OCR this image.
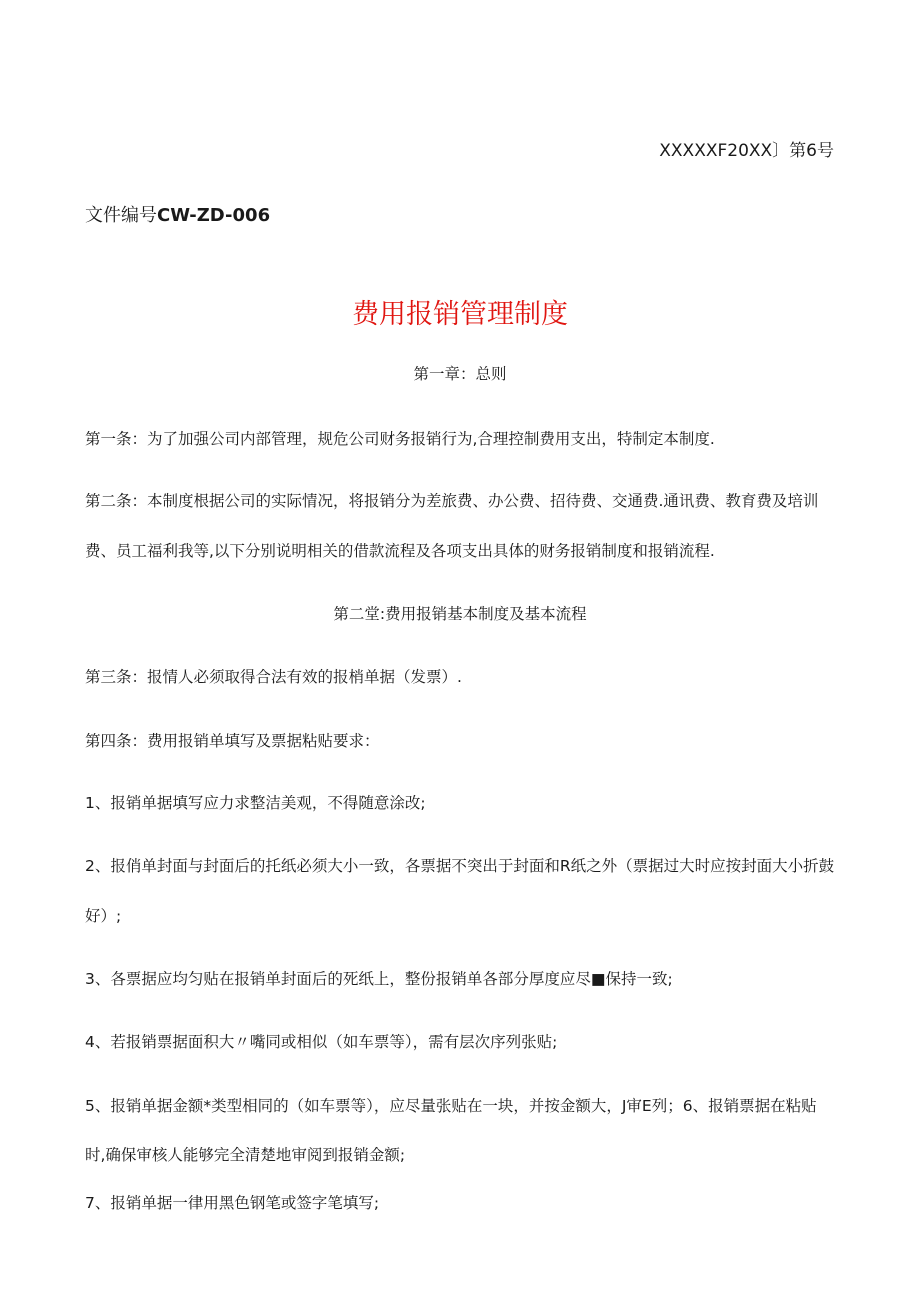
XXXXXF20XX〕第6号
文件编号CW-ZD-006
费用报销管理制度
第一章：总则
第一条：为了加强公司内部管理，规危公司财务报销行为,合理控制费用支出，特制定本制度.
第二条：本制度根据公司的实际情况，将报销分为差旅费、办公费、招待费、交通费.通讯费、教育费及培训
费、员工福利我等,以下分别说明相关的借款流程及各项支出具体的财务报销制度和报销流程.
第二堂:费用报销基本制度及基本流程
第三条：报情人必须取得合法有效的报梢单据（发票）.
第四条：费用报销单填写及票据粘贴要求：
1、报销单据填写应力求整洁美观，不得随意涂改;
2、报俏单封面与封面后的托纸必须大小一致，各票据不突出于封面和R纸之外（票据过大时应按封面大小折鼓
好）;
3、各票据应均匀贴在报销单封面后的死纸上，整份报销单各部分厚度应尽■保持一致;
4、若报销票据面积大〃嘴同或相似（如车票等），需有层次序列张贴;
5、报销单据金额*类型相同的（如车票等），应尽量张贴在一块，并按金额大，J审E列；6、报销票据在粘贴
时,确保审核人能够完全清楚地审阅到报销金额;
7、报销单据一律用黑色钢笔或签字笔填写;
